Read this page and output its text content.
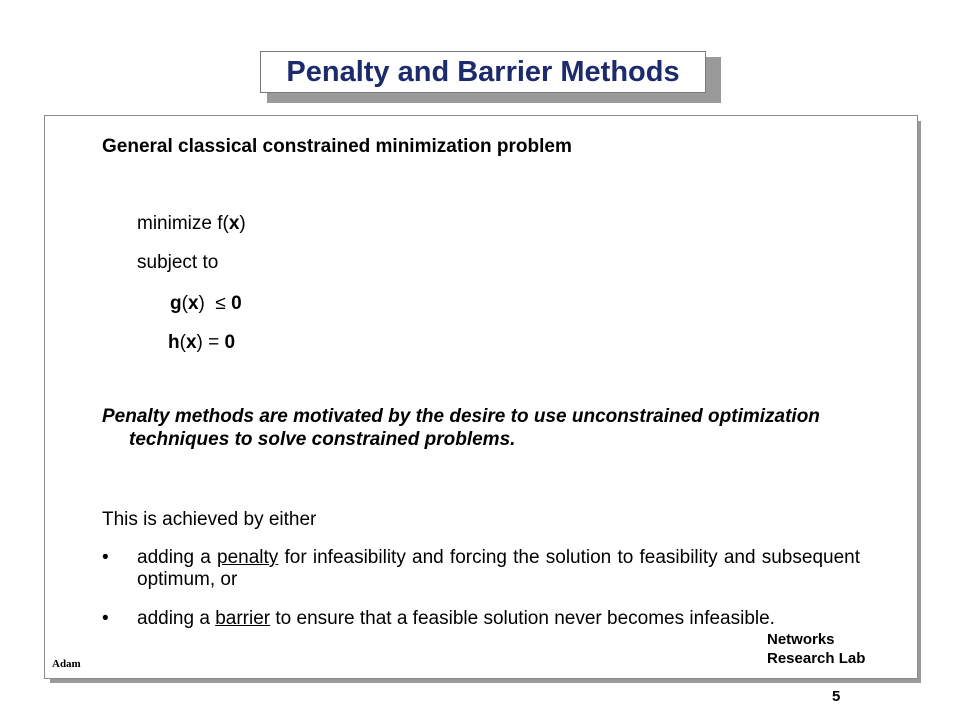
Penalty and Barrier Methods
General classical constrained minimization problem
minimize f(x)
subject to
g(x) ≤ 0
h(x) = 0
Penalty methods are motivated by the desire to use unconstrained optimization techniques to solve constrained problems.
This is achieved by either
• adding a penalty for infeasibility and forcing the solution to feasibility and subsequent optimum, or
• adding a barrier to ensure that a feasible solution never becomes infeasible.
Adam
Networks
Research Lab
5
